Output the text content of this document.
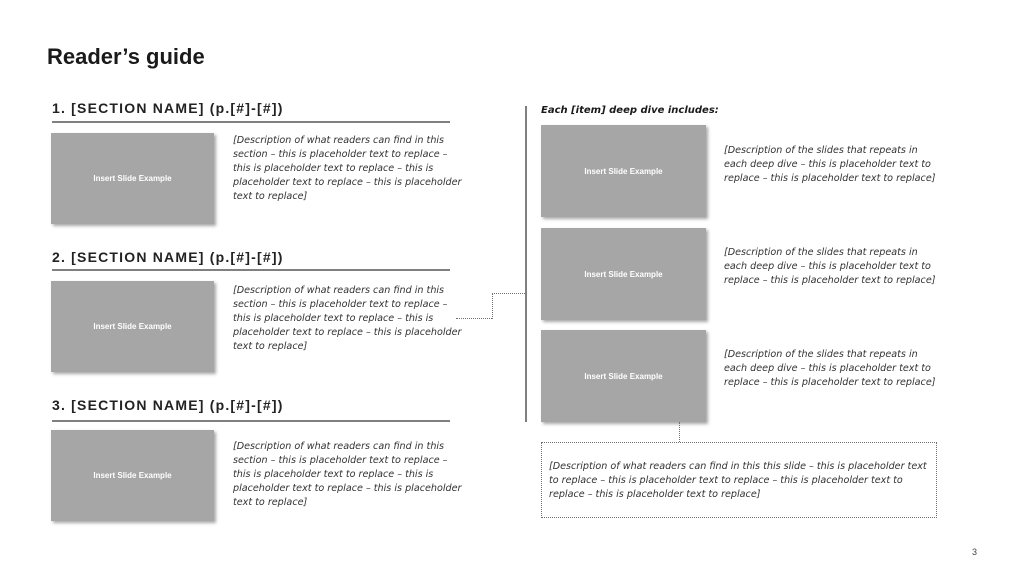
Reader’s guide
1. [SECTION NAME] (p.[#]-[#])
Insert Slide Example
[Description of what readers can find in this section – this is placeholder text to replace – this is placeholder text to replace – this is placeholder text to replace – this is placeholder text to replace]
2. [SECTION NAME] (p.[#]-[#])
Insert Slide Example
[Description of what readers can find in this section – this is placeholder text to replace – this is placeholder text to replace – this is placeholder text to replace – this is placeholder text to replace]
3. [SECTION NAME] (p.[#]-[#])
Insert Slide Example
[Description of what readers can find in this section – this is placeholder text to replace – this is placeholder text to replace – this is placeholder text to replace – this is placeholder text to replace]
Each [item] deep dive includes:
Insert Slide Example
[Description of the slides that repeats in each deep dive – this is placeholder text to replace – this is placeholder text to replace]
Insert Slide Example
[Description of the slides that repeats in each deep dive – this is placeholder text to replace – this is placeholder text to replace]
Insert Slide Example
[Description of the slides that repeats in each deep dive – this is placeholder text to replace – this is placeholder text to replace]
[Description of what readers can find in this this slide – this is placeholder text to replace – this is placeholder text to replace – this is placeholder text to replace – this is placeholder text to replace]
3
